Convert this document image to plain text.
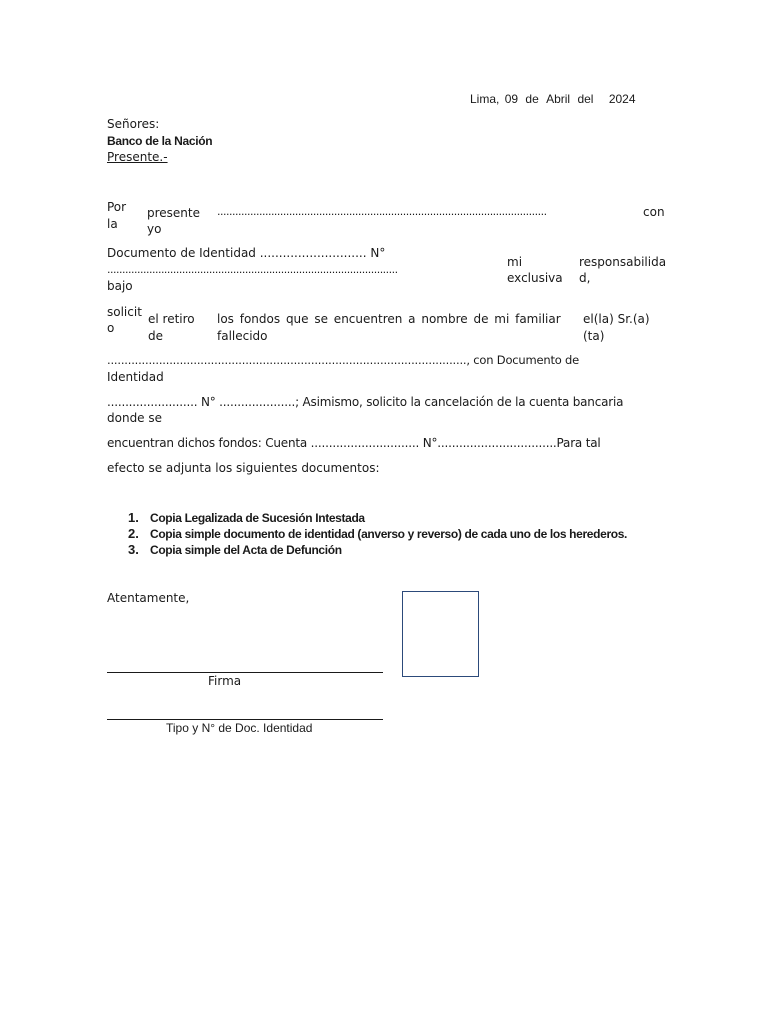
Lima, 09 de Abril del 2024
Señores:
Banco de la Nación
Presente.-
Por
la
presente
yo
..............................................................................................................	con
Documento de Identidad ............................ N°
.................................................................................................
mi
exclusiva
responsabilida
d,
bajo
solicit
o
el retiro
de
los fondos que se encuentren a nombre de mi familiar
fallecido
el(la) Sr.(a)
(ta)
........................................................................................................, con Documento de
Identidad
......................... N° .....................; Asimismo, solicito la cancelación de la cuenta bancaria
donde se
encuentran dichos fondos: Cuenta .............................. N°.................................Para tal
efecto se adjunta los siguientes documentos:
1. Copia Legalizada de Sucesión Intestada
2. Copia simple documento de identidad (anverso y reverso) de cada uno de los herederos.
3. Copia simple del Acta de Defunción
Atentamente,
Firma
Tipo y N° de Doc. Identidad
